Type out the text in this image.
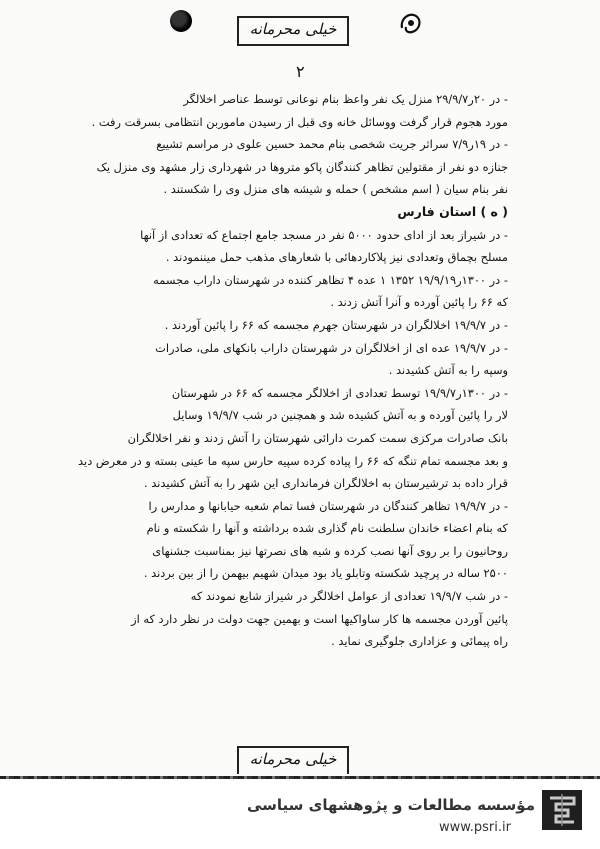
خیلی محرمانه
۲
- در ۲۰ر۲۹/۹/۷ منزل یک نفر واعظ بنام نوعانی توسط عناصر اخلالگر
مورد هجوم قرار گرفت ووسائل خانه وی قبل از رسیدن ماموربن انتظامی بسرقت رفت .
- در ۱۹ر۷/۹ سراثر جریت شخصی بنام محمد حسین علوی در مراسم تشییع
جنازه دو نفر از مقتولین تظاهر کنندگان پاکو متروها در شهرداری زار مشهد وی منزل یک
نفر بنام سیان ( اسم مشخص ) حمله و شیشه های منزل وی را شکستند .
( ه ) استان فارس
- در شیراز بعد از ادای حدود ۵۰۰۰ نفر در مسجد جامع اجتماع که تعدادی از آنها
مسلح بچماق وتعدادی نیز پلاکاردهائی با شعارهای مذهب حمل میننمودند .
- در ۱۳۰۰ر۱۹/۹/۱۹ ۱۳۵۲ ۱ عده ۴ تظاهر کننده در شهرستان داراب مجسمه
که ۶۶ را پائین آورده و آنرا آتش زدند .
- در ۱۹/۹/۷ اخلالگران در شهرستان جهرم مجسمه که ۶۶ را پائین آوردند .
- در ۱۹/۹/۷ عده ای از اخلالگران در شهرستان داراب بانکهای ملی، صادرات
وسپه را به آتش کشیدند .
- در ۱۳۰۰ر۱۹/۹/۷ توسط تعدادی از اخلالگر مجسمه که ۶۶ در شهرستان
لار را پائین آورده و به آتش کشیده شد و همچنین در شب ۱۹/۹/۷ وسایل
بانک صادرات مرکزی سمت کمرت دارائی شهرستان را آتش زدند و نفر اخلالگران
و بعد مجسمه تمام تنگه که ۶۶ را پیاده کرده سپیه حارس سپه ما عینی بسته و در معرض دید
قرار داده بد ترشیرستان به اخلالگران فرمانداری این شهر را به آتش کشیدند .
- در ۱۹/۹/۷ تظاهر کنندگان در شهرستان فسا تمام شعبه حیابانها و مدارس را
که بنام اعضاء خاندان سلطنت نام گذاری شده برداشته و آنها را شکسته و نام
روحانیون را بر روی آنها نصب کرده و شیه های نصرتها نیز بمناسبت جشنهای
۲۵۰۰ ساله در پرچید شکسته وتابلو یاد بود میدان شهیم بیهمن را از بین بردند .
- در شب ۱۹/۹/۷ تعدادی از عوامل اخلالگر در شیراز شایع نمودند که
پائین آوردن مجسمه ها کار ساواکیها است و بهمین جهت دولت در نظر دارد که از
راه پیمائی و عزاداری جلوگیری نماید .
خیلی محرمانه
مؤسسه مطالعات و پژوهشهای سیاسی
www.psri.ir
